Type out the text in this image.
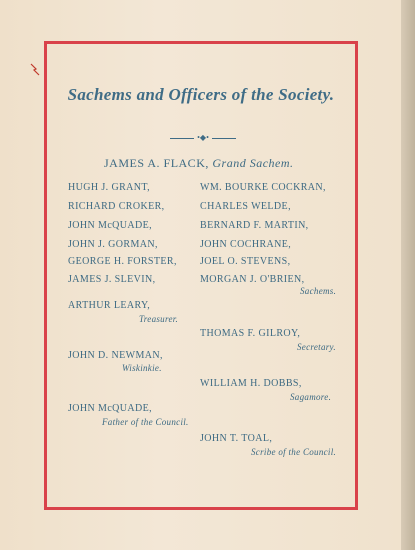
Sachems and Officers of the Society.
•◆•
JAMES A. FLACK, Grand Sachem.
HUGH J. GRANT,
RICHARD CROKER,
JOHN McQUADE,
JOHN J. GORMAN,
GEORGE H. FORSTER,
JAMES J. SLEVIN,
WM. BOURKE COCKRAN,
CHARLES WELDE,
BERNARD F. MARTIN,
JOHN COCHRANE,
JOEL O. STEVENS,
MORGAN J. O'BRIEN,
Sachems.
ARTHUR LEARY,
Treasurer.
THOMAS F. GILROY,
Secretary.
JOHN D. NEWMAN,
Wiskinkie.
WILLIAM H. DOBBS,
Sagamore.
JOHN McQUADE,
Father of the Council.
JOHN T. TOAL,
Scribe of the Council.
